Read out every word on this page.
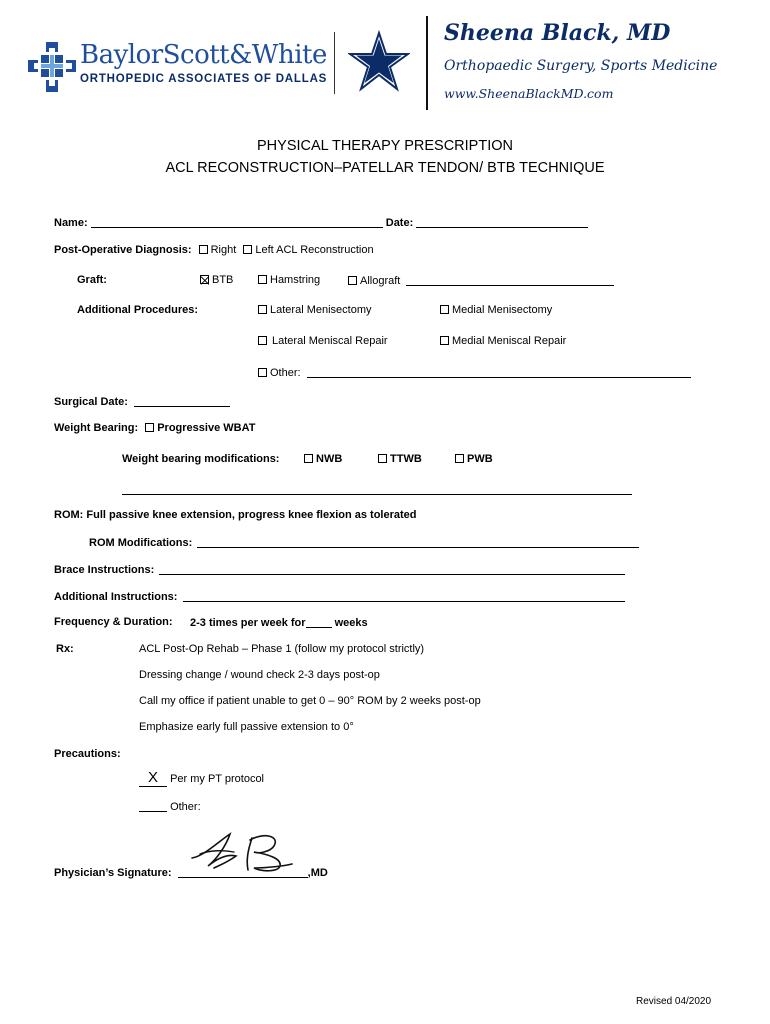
BaylorScott&White
ORTHOPEDIC ASSOCIATES OF DALLAS
Sheena Black, MD
Orthopaedic Surgery, Sports Medicine
www.SheenaBlackMD.com
PHYSICAL THERAPY PRESCRIPTION
ACL RECONSTRUCTION–PATELLAR TENDON/ BTB TECHNIQUE
Name:	Date:
Post-Operative Diagnosis: Right Left ACL Reconstruction
Graft:	BTB	Hamstring	Allograft
Additional Procedures:	Lateral Menisectomy	Medial Menisectomy
Lateral Meniscal Repair	Medial Meniscal Repair
Other:
Surgical Date:
Weight Bearing: Progressive WBAT
Weight bearing modifications:	NWB	TTWB	PWB
ROM: Full passive knee extension, progress knee flexion as tolerated
ROM Modifications:
Brace Instructions:
Additional Instructions:
Frequency & Duration: 2-3 times per week for	weeks
Rx:	ACL Post-Op Rehab – Phase 1 (follow my protocol strictly)
Dressing change / wound check 2-3 days post-op
Call my office if patient unable to get 0 – 90° ROM by 2 weeks post-op
Emphasize early full passive extension to 0°
Precautions:
X Per my PT protocol
Other:
Physician’s Signature:	,MD
Revised 04/2020
